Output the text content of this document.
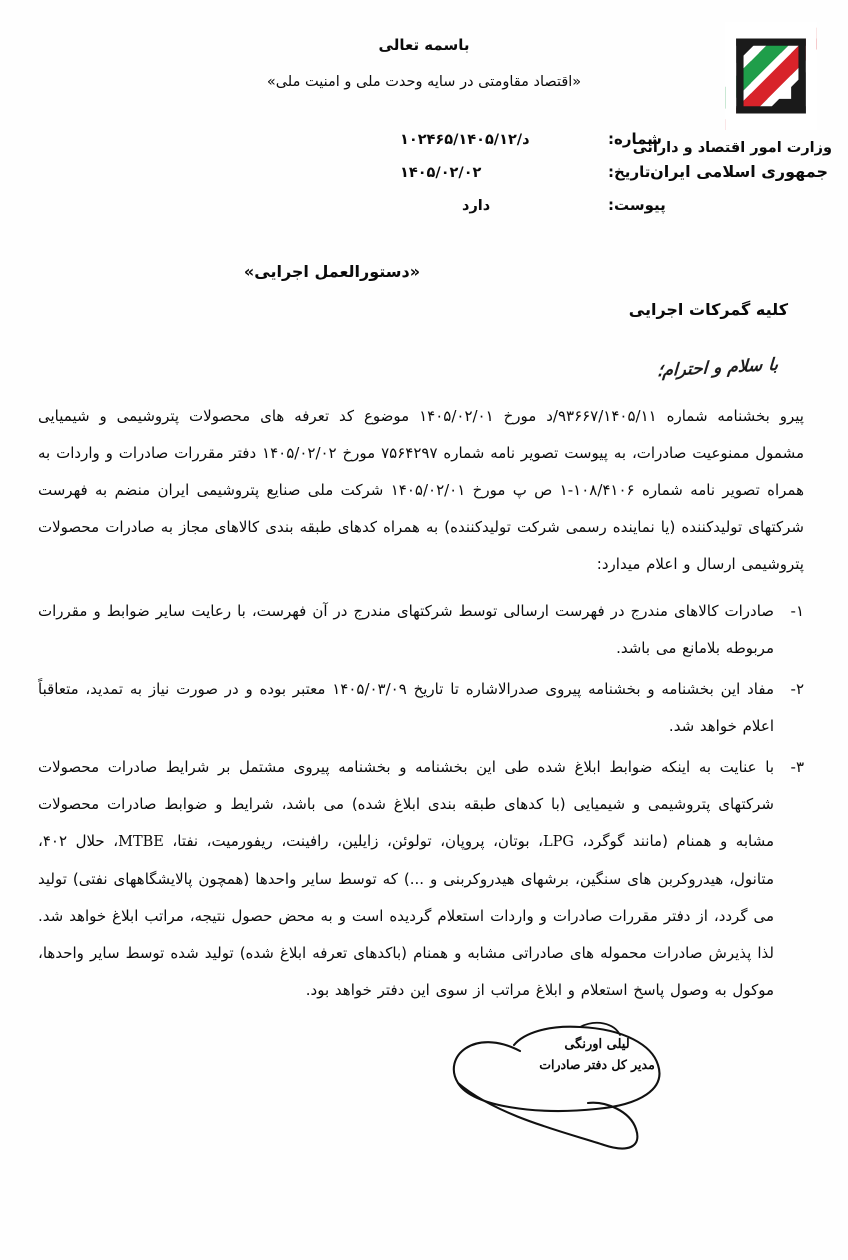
باسمه تعالی
«اقتصاد مقاومتی در سایه وحدت ملی و امنیت ملی»
وزارت امور اقتصاد و دارائی
جمهوری اسلامی ایران
شماره:
۱۰۲۴۶۵/۱۴۰۵/۱۲/د
تاریخ:
۱۴۰۵/۰۲/۰۲
پیوست:
دارد
«دستورالعمل اجرایی»
کلیه گمرکات اجرایی
با سلام و احترام؛

پیرو بخشنامه شماره ۹۳۶۶۷/۱۴۰۵/۱۱/د مورخ ۱۴۰۵/۰۲/۰۱ موضوع کد تعرفه های محصولات پتروشیمی و شیمیایی مشمول ممنوعیت صادرات، به پیوست تصویر نامه شماره ۷۵۶۴۲۹۷ مورخ ۱۴۰۵/۰۲/۰۲ دفتر مقررات صادرات و واردات به همراه تصویر نامه شماره ۱۰۸/۴۱۰۶-۱ ص پ مورخ ۱۴۰۵/۰۲/۰۱ شرکت ملی صنایع پتروشیمی ایران منضم به فهرست شرکتهای تولیدکننده (یا نماینده رسمی شرکت تولیدکننده) به همراه کدهای طبقه بندی کالاهای مجاز به صادرات محصولات پتروشیمی ارسال و اعلام میدارد:

۱-
صادرات کالاهای مندرج در فهرست ارسالی توسط شرکتهای مندرج در آن فهرست، با رعایت سایر ضوابط و مقررات مربوطه بلامانع می باشد.
۲-
مفاد این بخشنامه و بخشنامه پیروی صدرالاشاره تا تاریخ ۱۴۰۵/۰۳/۰۹ معتبر بوده و در صورت نیاز به تمدید، متعاقباً اعلام خواهد شد.
۳-
با عنایت به اینکه ضوابط ابلاغ شده طی این بخشنامه و بخشنامه پیروی مشتمل بر شرایط صادرات محصولات شرکتهای پتروشیمی و شیمیایی (با کدهای طبقه بندی ابلاغ شده) می باشد، شرایط و ضوابط صادرات محصولات مشابه و همنام (مانند گوگرد، LPG، بوتان، پروپان، تولوئن، زایلین، رافینت، ریفورمیت، نفتا، MTBE، حلال ۴۰۲، متانول، هیدروکربن های سنگین، برشهای هیدروکربنی و ...) که توسط سایر واحدها (همچون پالایشگاههای نفتی) تولید می گردد، از دفتر مقررات صادرات و واردات استعلام گردیده است و به محض حصول نتیجه، مراتب ابلاغ خواهد شد. لذا پذیرش صادرات محموله های صادراتی مشابه و همنام (باکدهای تعرفه ابلاغ شده) تولید شده توسط سایر واحدها، موکول به وصول پاسخ استعلام و ابلاغ مراتب از سوی این دفتر خواهد بود.
لیلی اورنگی
مدیر کل دفتر صادرات
